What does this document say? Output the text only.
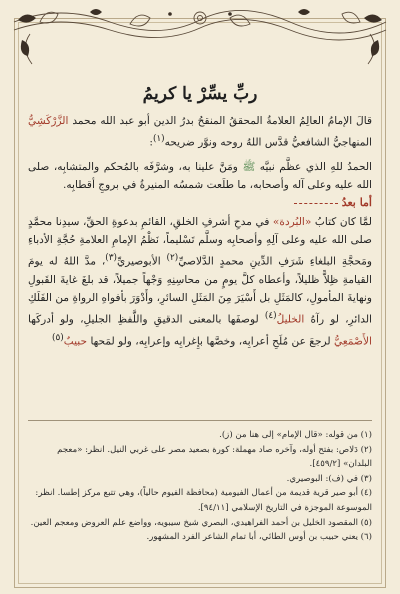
ربِّ يسِّرْ يا كريمُ

قالَ الإمامُ العالِمُ العلامةُ المحققُ المنقحُ بدرُ الدين أبو عبد الله محمد الزَّرْكَشِيُّ المنهاجيُّ الشافعيُّ قدَّس اللهُ روحه ونوَّر ضريحه$^{(١)}$:

الحمدُ للهِ الذي عظَّم نبيَّه ﷺ ومَنَّ علينا به، وشرَّفَه بالمُحكم والمتشابِه، صلى الله عليه وعلى آله وأصحابه، ما طلَعت شمسُه المنيرةُ في بروجِ أقطابِه.

أما بعدُ

لمَّا كان كتابُ «البُردة» في مدحِ أشرفِ الخلقِ، القائمِ بدعوةِ الحقِّ، سيدِنا محمَّدٍ صلى الله عليه وعلى آلِهِ وأصحابِه وسلَّم تَسْليماً، نَظْمُ الإمامِ العلامةِ حُجَّةِ الأدباءِ ومَحجَّةِ البلغاءِ شَرَفِ الدِّينِ محمدٍ الدَّلاصيِّ$^{(٢)}$ الأبوصيريِّ$^{(٣)}$، مدَّ اللهُ له يومَ القيامةِ ظِلاًّ ظليلاً، وأعطاه كلَّ يومٍ من محاسِنِهِ وَجْهاً جميلاً، قد بلغَ غايةَ القَبولِ ونهايةَ المأمولِ، كالمَثَلِ بل أَسْيَرَ مِنَ المَثَلِ السائرِ، وأَدْوَرَ بأفواهِ الرواةِ من الفَلَكِ الدائرِ، لو رآهُ الخليلُ$^{(٤)}$ لوصفَها بالمعنى الدقيقِ واللَّفظِ الجليلِ، ولو أدركَها الأَصْمَعِيُّ لرجعَ عن مُلَحِ أعرابِه، وخصَّها بإِغرابِه وإعرابِه، ولو لمَحها حبيبٌ$^{(٥)}$

(١)من قوله: «قال الإمام» إلى هنا من (ز).

(٢)دَلاص: بفتح أوله، وآخره صاد مهملة: كورة بصعيد مصر على غربي النيل. انظر: «معجم البلدان» [٤٥٩/٢].

(٣)في (ف): البوصيري.

(٤)أبو صير قرية قديمة من أعمال الفيومية (محافظة الفيوم حالياً)، وهي تتبع مركز إطسا. انظر: الموسوعة الموجزة في التاريخ الإسلامي [٩٤/١١].

(٥)المقصود الخليل بن أحمد الفراهيدي، البصري شيخ سيبويه، وواضع علم العروض ومعجم العين.

(٦)يعني حبيب بن أوس الطائي، أبا تمام الشاعر الفرد المشهور.
